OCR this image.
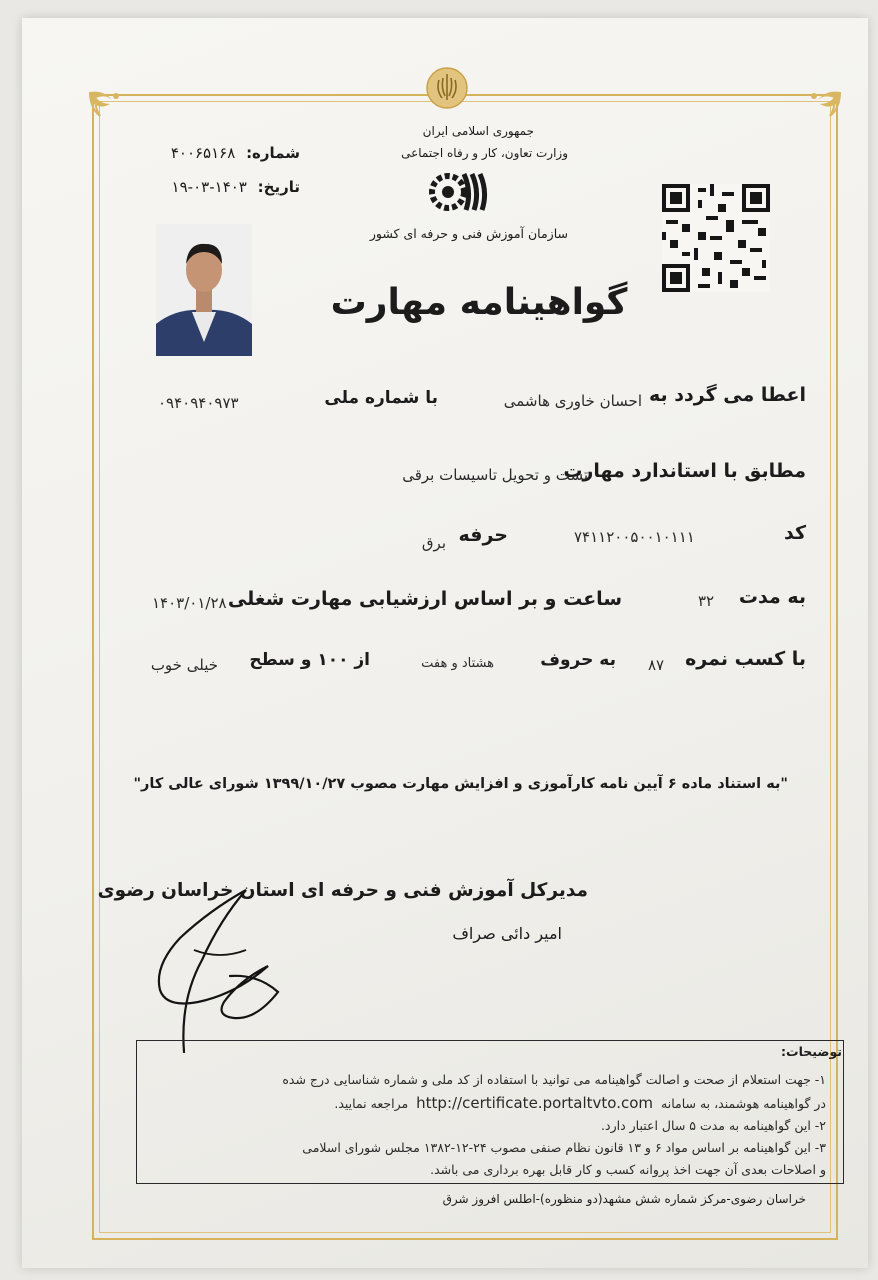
جمهوری اسلامی ایران
وزارت تعاون، کار و رفاه اجتماعی
سازمان آموزش فنی و حرفه ای کشور
شماره: ۴۰۰۶۵۱۶۸
تاریخ: ۱۴۰۳-۰۳-۱۹
گواهینامه مهارت
اعطا می گردد به
احسان خاوری هاشمی
با شماره ملی
۰۹۴۰۹۴۰۹۷۳
مطابق با استاندارد مهارت
تست و تحویل تاسیسات برقی
کد
۷۴۱۱۲۰۰۵۰۰۱۰۱۱۱
حرفه
برق
به مدت
۳۲
ساعت و بر اساس ارزشیابی مهارت شغلی
۱۴۰۳/۰۱/۲۸
با کسب نمره
۸۷
به حروف
هشتاد و هفت
از ۱۰۰ و سطح
خیلی خوب
"به استناد ماده ۶ آیین نامه کارآموزی و افزایش مهارت مصوب ۱۳۹۹/۱۰/۲۷ شورای عالی کار"
مدیرکل آموزش فنی و حرفه ای استان خراسان رضوی
امیر دائی صراف
توضیحات:
۱- جهت استعلام از صحت و اصالت گواهینامه می توانید با استفاده از کد ملی و شماره شناسایی درج شده
در گواهینامه هوشمند، به سامانه http://certificate.portaltvto.com مراجعه نمایید.
۲- این گواهینامه به مدت ۵ سال اعتبار دارد.
۳- این گواهینامه بر اساس مواد ۶ و ۱۳ قانون نظام صنفی مصوب ۲۴-۱۲-۱۳۸۲ مجلس شورای اسلامی
و اصلاحات بعدی آن جهت اخذ پروانه کسب و کار قابل بهره برداری می باشد.
خراسان رضوی-مرکز شماره شش مشهد(دو منظوره)-اطلس افروز شرق
